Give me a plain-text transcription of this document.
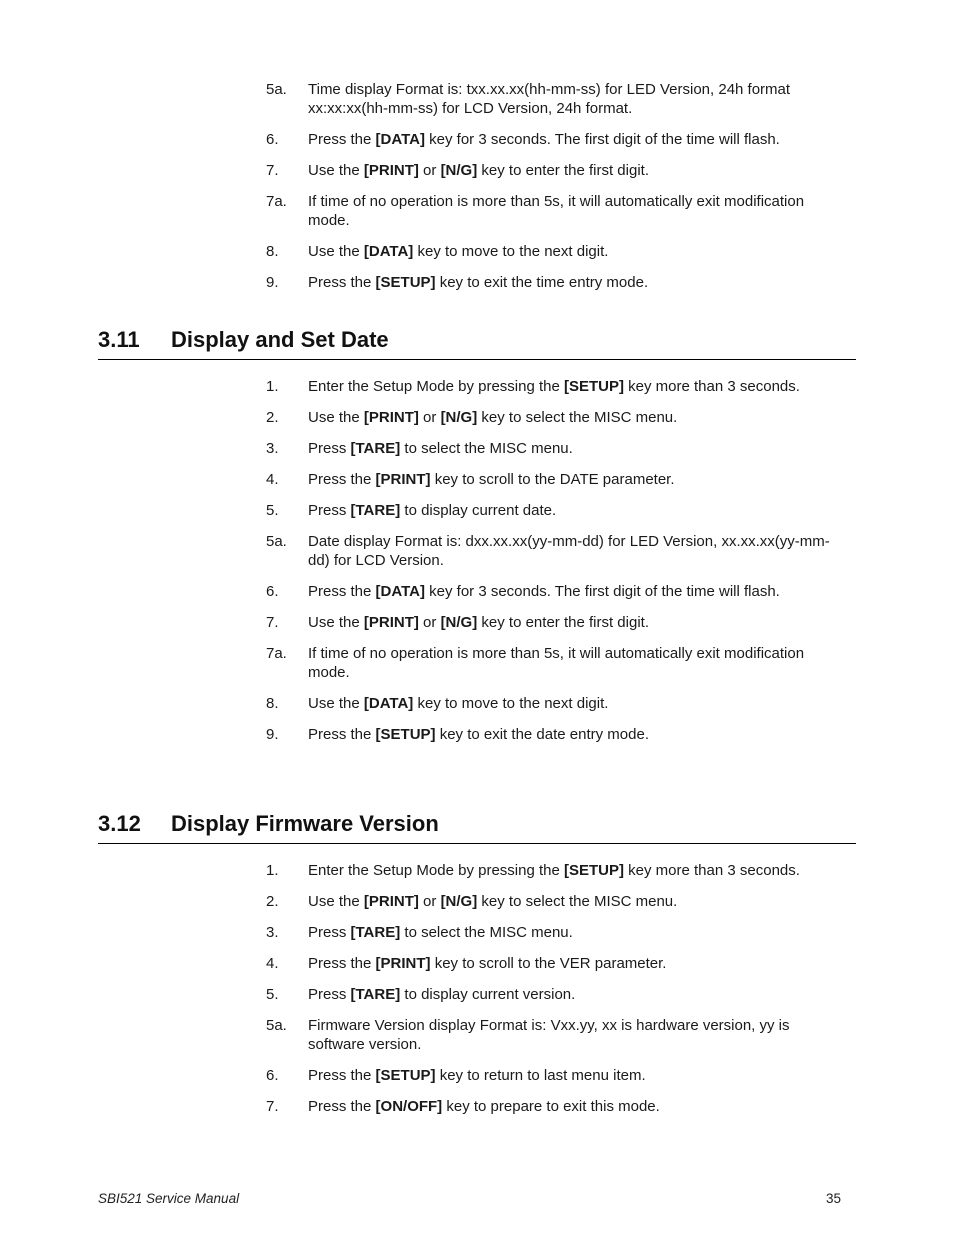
5a. Time display Format is: txx.xx.xx(hh-mm-ss) for LED Version, 24h format xx:xx:xx(hh-mm-ss) for LCD Version, 24h format.
6. Press the [DATA] key for 3 seconds. The first digit of the time will flash.
7. Use the [PRINT] or [N/G] key to enter the first digit.
7a. If time of no operation is more than 5s, it will automatically exit modification mode.
8. Use the [DATA] key to move to the next digit.
9. Press the [SETUP] key to exit the time entry mode.
3.11 Display and Set Date
1. Enter the Setup Mode by pressing the [SETUP] key more than 3 seconds.
2. Use the [PRINT] or [N/G] key to select the MISC menu.
3. Press [TARE] to select the MISC menu.
4. Press the [PRINT] key to scroll to the DATE parameter.
5. Press [TARE] to display current date.
5a. Date display Format is: dxx.xx.xx(yy-mm-dd) for LED Version, xx.xx.xx(yy-mm-dd) for LCD Version.
6. Press the [DATA] key for 3 seconds. The first digit of the time will flash.
7. Use the [PRINT] or [N/G] key to enter the first digit.
7a. If time of no operation is more than 5s, it will automatically exit modification mode.
8. Use the [DATA] key to move to the next digit.
9. Press the [SETUP] key to exit the date entry mode.
3.12 Display Firmware Version
1. Enter the Setup Mode by pressing the [SETUP] key more than 3 seconds.
2. Use the [PRINT] or [N/G] key to select the MISC menu.
3. Press [TARE] to select the MISC menu.
4. Press the [PRINT] key to scroll to the VER parameter.
5. Press [TARE] to display current version.
5a. Firmware Version display Format is: Vxx.yy, xx is hardware version, yy is software version.
6. Press the [SETUP] key to return to last menu item.
7. Press the [ON/OFF] key to prepare to exit this mode.
SBI521 Service Manual	35
